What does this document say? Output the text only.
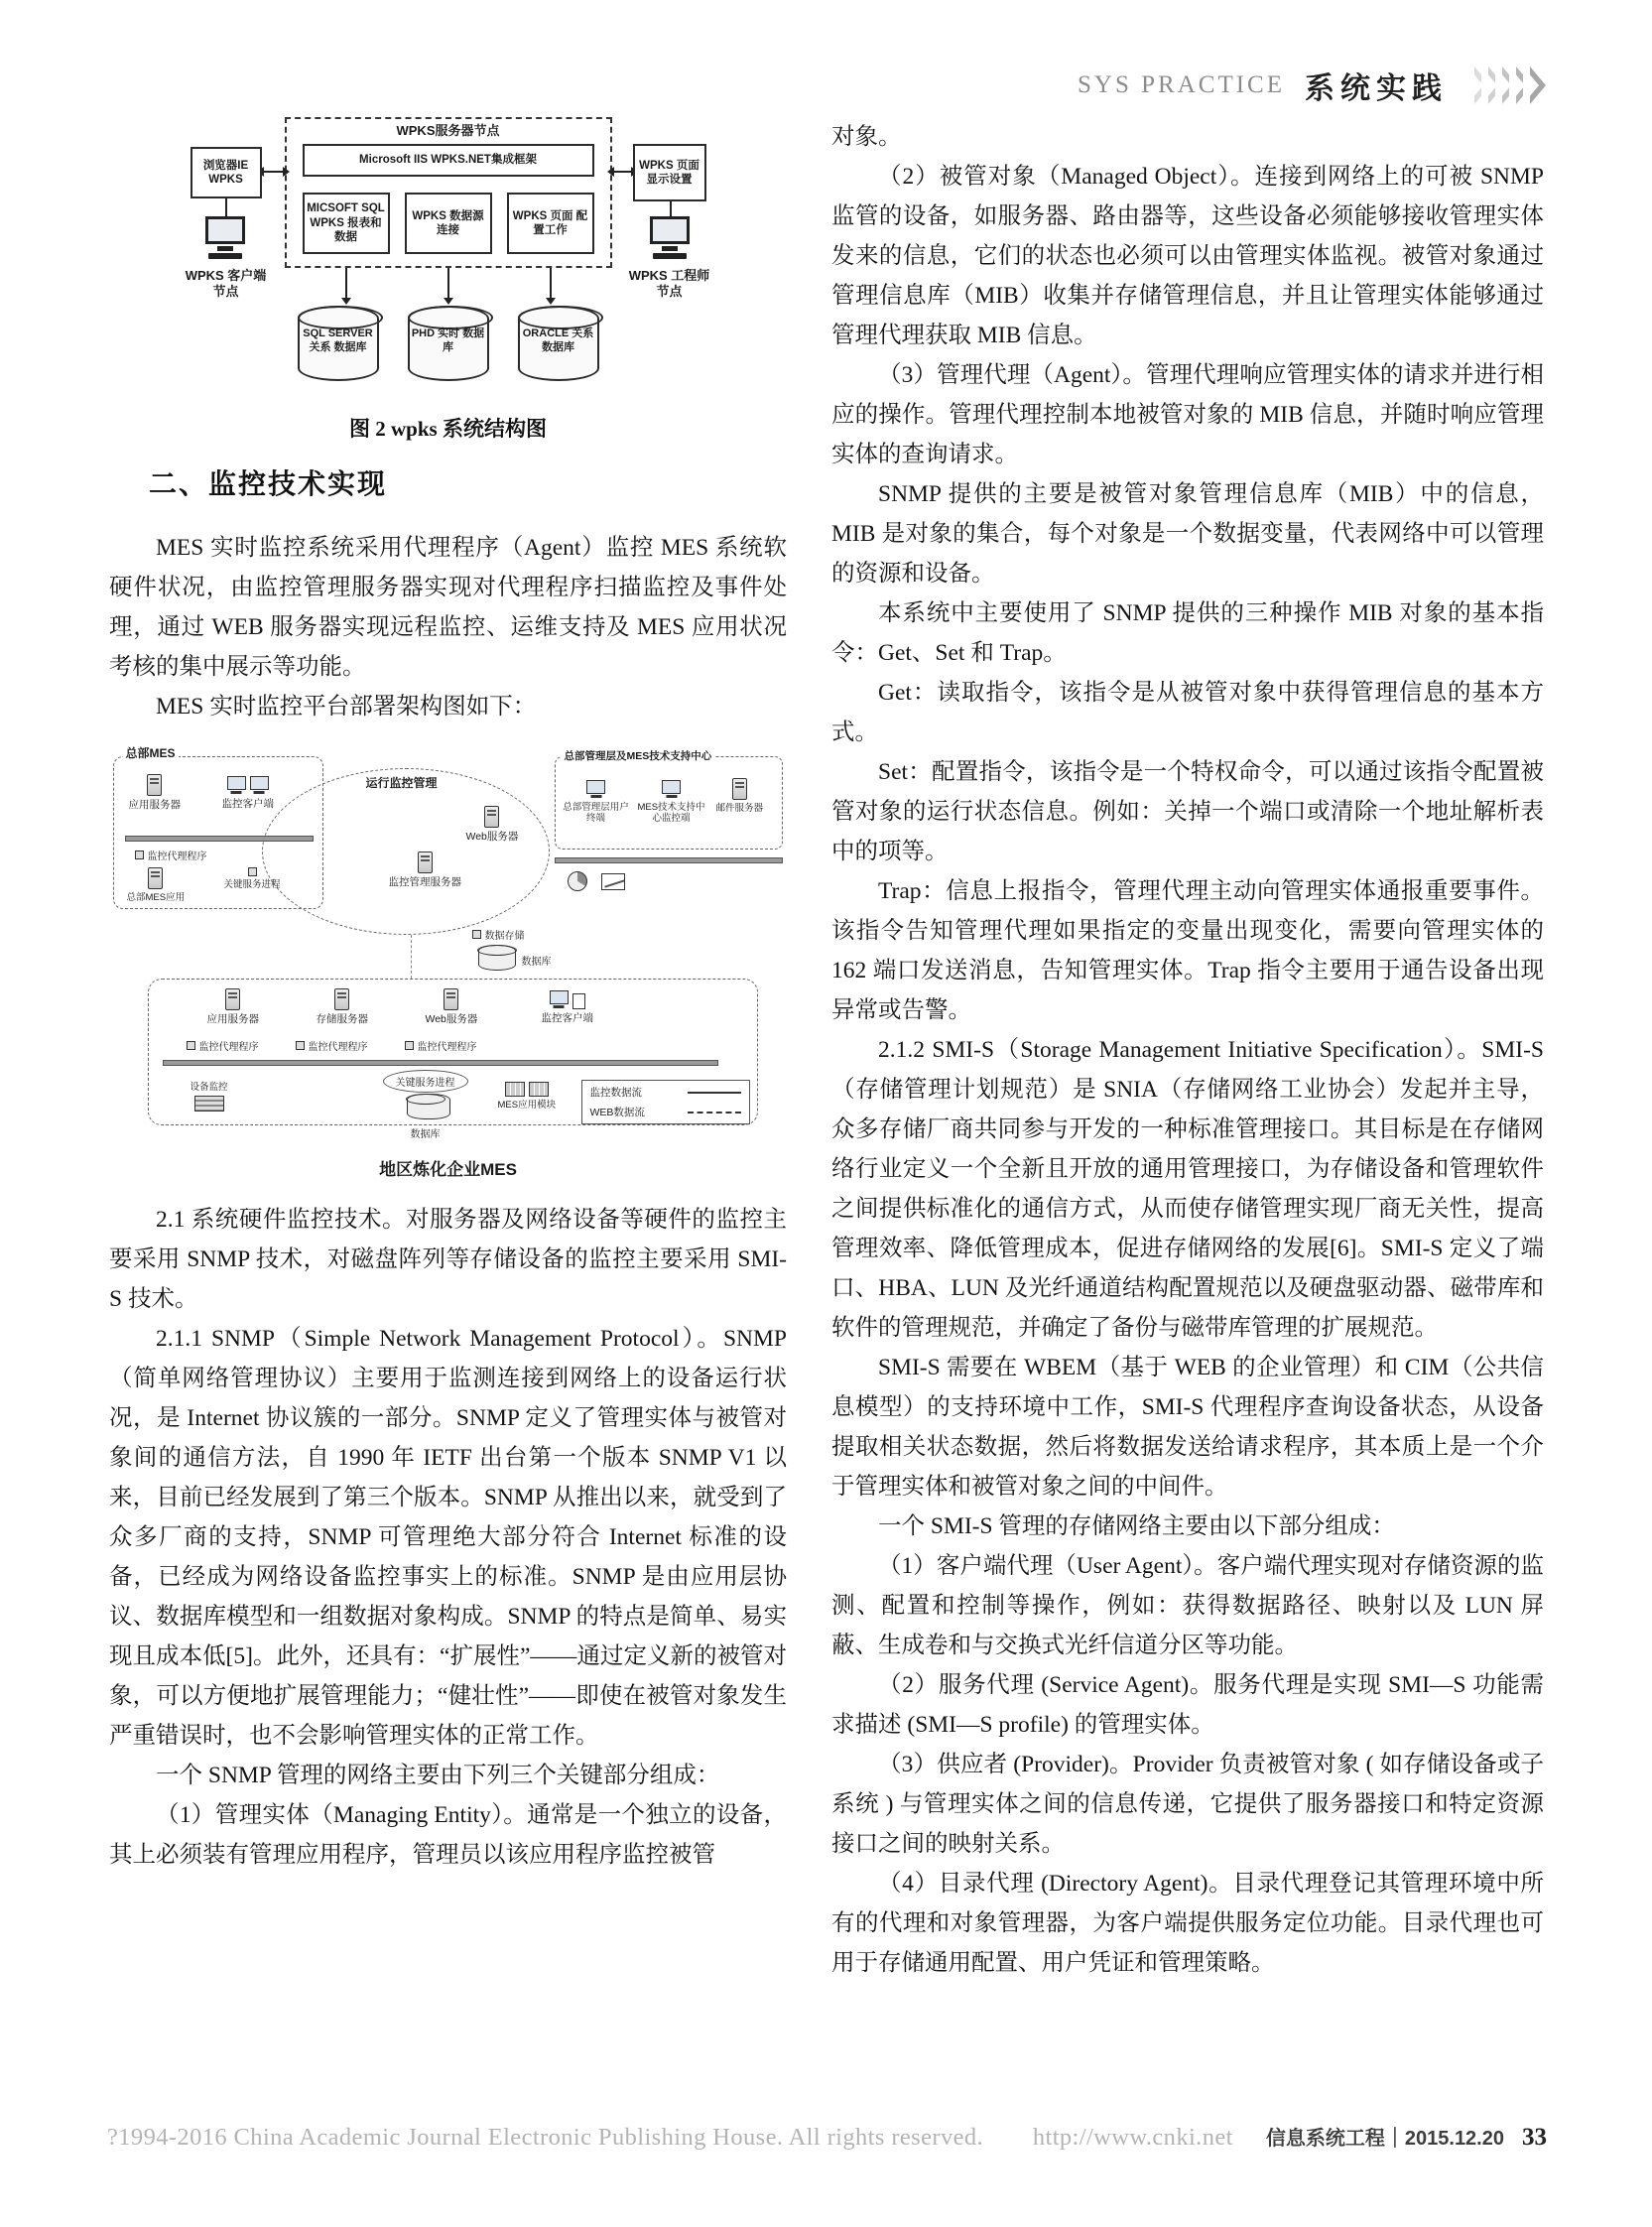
SYS PRACTICE 系统实践
WPKS服务器节点
Microsoft IIS WPKS.NET集成框架
MICSOFT SQL WPKS 报表和数据
WPKS 数据源连接
WPKS 页面 配置工作
浏览器IE WPKS
WPKS 页面显示设置
WPKS 客户端节点
WPKS 工程师节点
SQL SERVER 关系 数据库
PHD 实时 数据库
ORACLE 关系 数据库
图 2 wpks 系统结构图
二、监控技术实现

MES 实时监控系统采用代理程序（Agent）监控 MES 系统软硬件状况，由监控管理服务器实现对代理程序扫描监控及事件处理，通过 WEB 服务器实现远程监控、运维支持及 MES 应用状况考核的集中展示等功能。

MES 实时监控平台部署架构图如下：

总部MES
应用服务器	监控客户端
监控代理程序
总部MES应用
关键服务进程
运行监控管理
Web服务器
监控管理服务器
总部管理层及MES技术支持中心
总部管理层用户终端
MES技术支持中心监控端
邮件服务器
数据存储
数据库
应用服务器	存储服务器	Web服务器	监控客户端
监控代理程序	监控代理程序	监控代理程序
关键服务进程
设备监控
MES应用模块
数据库
监控数据流
WEB数据流
地区炼化企业MES

2.1 系统硬件监控技术。对服务器及网络设备等硬件的监控主要采用 SNMP 技术，对磁盘阵列等存储设备的监控主要采用 SMI-S 技术。

2.1.1 SNMP（Simple Network Management Protocol）。SNMP（简单网络管理协议）主要用于监测连接到网络上的设备运行状况，是 Internet 协议簇的一部分。SNMP 定义了管理实体与被管对象间的通信方法，自 1990 年 IETF 出台第一个版本 SNMP V1 以来，目前已经发展到了第三个版本。SNMP 从推出以来，就受到了众多厂商的支持，SNMP 可管理绝大部分符合 Internet 标准的设备，已经成为网络设备监控事实上的标准。SNMP 是由应用层协议、数据库模型和一组数据对象构成。SNMP 的特点是简单、易实现且成本低[5]。此外，还具有：“扩展性”——通过定义新的被管对象，可以方便地扩展管理能力；“健壮性”——即使在被管对象发生严重错误时，也不会影响管理实体的正常工作。

一个 SNMP 管理的网络主要由下列三个关键部分组成：

（1）管理实体（Managing Entity）。通常是一个独立的设备，其上必须装有管理应用程序，管理员以该应用程序监控被管

对象。

（2）被管对象（Managed Object）。连接到网络上的可被 SNMP 监管的设备，如服务器、路由器等，这些设备必须能够接收管理实体发来的信息，它们的状态也必须可以由管理实体监视。被管对象通过管理信息库（MIB）收集并存储管理信息，并且让管理实体能够通过管理代理获取 MIB 信息。

（3）管理代理（Agent）。管理代理响应管理实体的请求并进行相应的操作。管理代理控制本地被管对象的 MIB 信息，并随时响应管理实体的查询请求。

SNMP 提供的主要是被管对象管理信息库（MIB）中的信息，MIB 是对象的集合，每个对象是一个数据变量，代表网络中可以管理的资源和设备。

本系统中主要使用了 SNMP 提供的三种操作 MIB 对象的基本指令：Get、Set 和 Trap。

Get：读取指令，该指令是从被管对象中获得管理信息的基本方式。

Set：配置指令，该指令是一个特权命令，可以通过该指令配置被管对象的运行状态信息。例如：关掉一个端口或清除一个地址解析表中的项等。

Trap：信息上报指令，管理代理主动向管理实体通报重要事件。该指令告知管理代理如果指定的变量出现变化，需要向管理实体的 162 端口发送消息，告知管理实体。Trap 指令主要用于通告设备出现异常或告警。

2.1.2 SMI-S（Storage Management Initiative Specification）。SMI-S（存储管理计划规范）是 SNIA（存储网络工业协会）发起并主导，众多存储厂商共同参与开发的一种标准管理接口。其目标是在存储网络行业定义一个全新且开放的通用管理接口，为存储设备和管理软件之间提供标准化的通信方式，从而使存储管理实现厂商无关性，提高管理效率、降低管理成本，促进存储网络的发展[6]。SMI-S 定义了端口、HBA、LUN 及光纤通道结构配置规范以及硬盘驱动器、磁带库和软件的管理规范，并确定了备份与磁带库管理的扩展规范。

SMI-S 需要在 WBEM（基于 WEB 的企业管理）和 CIM（公共信息模型）的支持环境中工作，SMI-S 代理程序查询设备状态，从设备提取相关状态数据，然后将数据发送给请求程序，其本质上是一个介于管理实体和被管对象之间的中间件。

一个 SMI-S 管理的存储网络主要由以下部分组成：

（1）客户端代理（User Agent）。客户端代理实现对存储资源的监测、配置和控制等操作，例如：获得数据路径、映射以及 LUN 屏蔽、生成卷和与交换式光纤信道分区等功能。

（2）服务代理 (Service Agent)。服务代理是实现 SMI—S 功能需求描述 (SMI—S profile) 的管理实体。

（3）供应者 (Provider)。Provider 负责被管对象 ( 如存储设备或子系统 ) 与管理实体之间的信息传递，它提供了服务器接口和特定资源接口之间的映射关系。

（4）目录代理 (Directory Agent)。目录代理登记其管理环境中所有的代理和对象管理器，为客户端提供服务定位功能。目录代理也可用于存储通用配置、用户凭证和管理策略。

?1994-2016 China Academic Journal Electronic Publishing House. All rights reserved.　　http://www.cnki.net 信息系统工程｜2015.12.20 33
